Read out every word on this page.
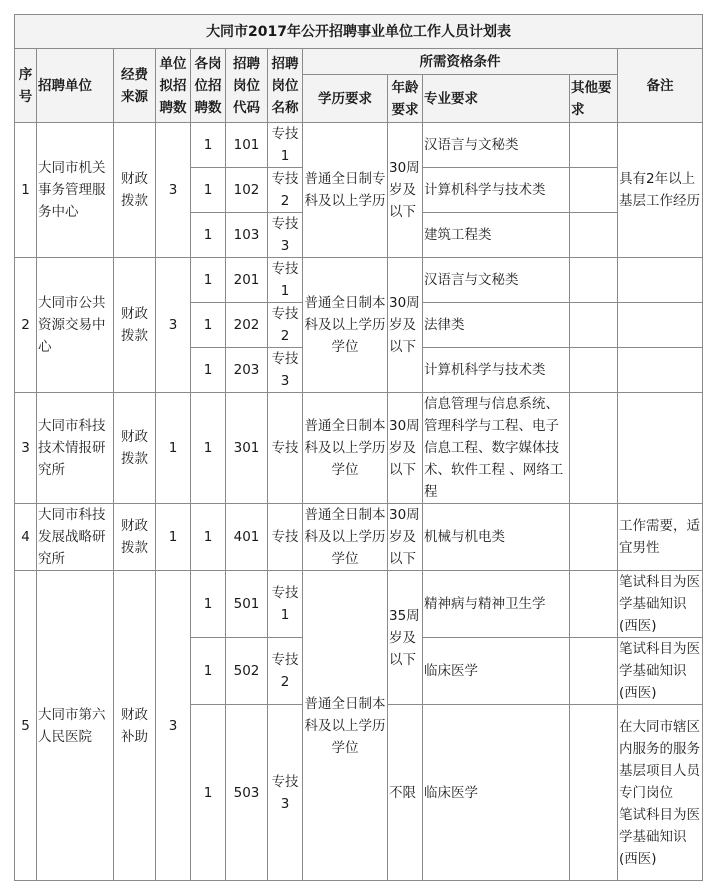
大同市2017年公开招聘事业单位工作人员计划表											
序号	招聘单位	经费来源	单位拟招聘数	各岗位招聘数	招聘岗位代码	招聘岗位名称	所需资格条件				备注
							学历要求	年龄要求	专业要求	其他要求	
1	大同市机关事务管理服务中心	财政拨款	3	1	101	专技1	普通全日制专科及以上学历	30周岁及以下	汉语言与文秘类		具有2年以上基层工作经历
				1	102	专技2			计算机科学与技术类		
				1	103	专技3			建筑工程类		
2	大同市公共资源交易中心	财政拨款	3	1	201	专技1	普通全日制本科及以上学历学位	30周岁及以下	汉语言与文秘类		
				1	202	专技2			法律类		
				1	203	专技3			计算机科学与技术类		
3	大同市科技技术情报研究所	财政拨款	1	1	301	专技	普通全日制本科及以上学历学位	30周岁及以下	信息管理与信息系统、管理科学与工程、电子信息工程、数字媒体技术、软件工程 、网络工程		
4	大同市科技发展战略研究所	财政拨款	1	1	401	专技	普通全日制本科及以上学历学位	30周岁及以下	机械与机电类		工作需要，适宜男性
5	大同市第六人民医院	财政补助	3	1	501	专技1	普通全日制本科及以上学历学位	35周岁及以下	精神病与精神卫生学		笔试科目为医学基础知识(西医)
				1	502	专技2			临床医学		笔试科目为医学基础知识(西医)
				1	503	专技3		不限	临床医学		在大同市辖区内服务的服务基层项目人员专门岗位
笔试科目为医学基础知识(西医)
